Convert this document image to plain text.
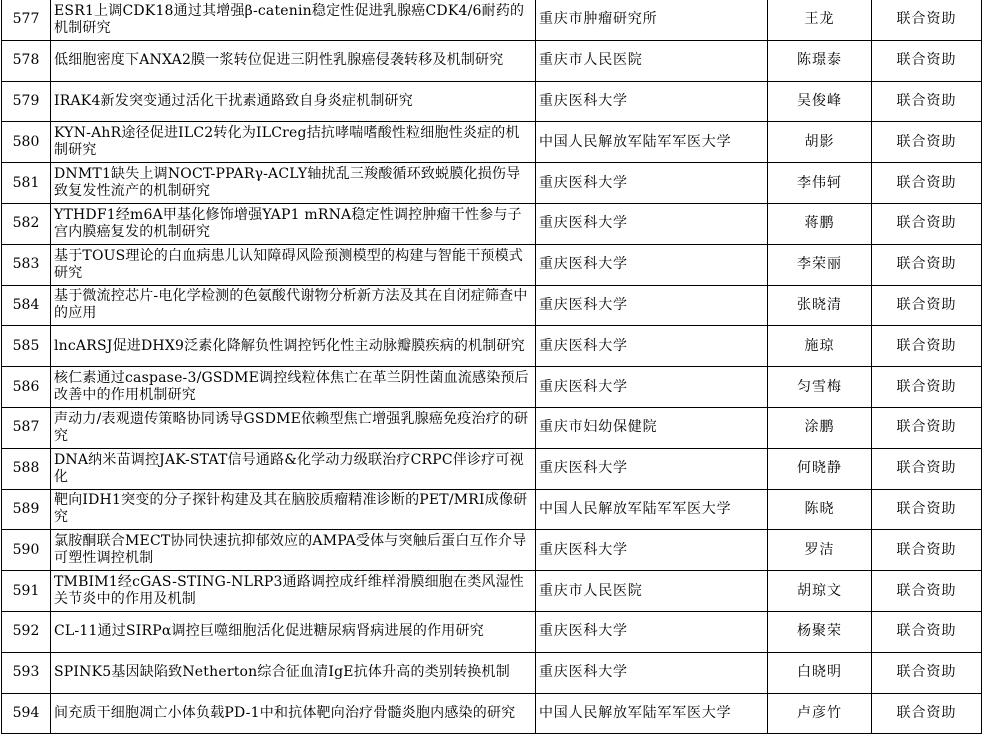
577	ESR1上调CDK18通过其增强β-catenin稳定性促进乳腺癌CDK4/6耐药的机制研究	重庆市肿瘤研究所	王龙	联合资助
578	低细胞密度下ANXA2膜一浆转位促进三阴性乳腺癌侵袭转移及机制研究	重庆市人民医院	陈璟泰	联合资助
579	IRAK4新发突变通过活化干扰素通路致自身炎症机制研究	重庆医科大学	吴俊峰	联合资助
580	KYN-AhR途径促进ILC2转化为ILCreg拮抗哮喘嗜酸性粒细胞性炎症的机制研究	中国人民解放军陆军军医大学	胡影	联合资助
581	DNMT1缺失上调NOCT-PPARγ-ACLY轴扰乱三羧酸循环致蜕膜化损伤导致复发性流产的机制研究	重庆医科大学	李伟轲	联合资助
582	YTHDF1经m6A甲基化修饰增强YAP1 mRNA稳定性调控肿瘤干性参与子宫内膜癌复发的机制研究	重庆医科大学	蒋鹏	联合资助
583	基于TOUS理论的白血病患儿认知障碍风险预测模型的构建与智能干预模式研究	重庆医科大学	李荣丽	联合资助
584	基于微流控芯片-电化学检测的色氨酸代谢物分析新方法及其在自闭症筛查中的应用	重庆医科大学	张晓清	联合资助
585	lncARSJ促进DHX9泛素化降解负性调控钙化性主动脉瓣膜疾病的机制研究	重庆医科大学	施琼	联合资助
586	核仁素通过caspase-3/GSDME调控线粒体焦亡在革兰阴性菌血流感染预后改善中的作用机制研究	重庆医科大学	匀雪梅	联合资助
587	声动力/表观遗传策略协同诱导GSDME依赖型焦亡增强乳腺癌免疫治疗的研究	重庆市妇幼保健院	涂鹏	联合资助
588	DNA纳米苗调控JAK-STAT信号通路&化学动力级联治疗CRPC伴诊疗可视化	重庆医科大学	何晓静	联合资助
589	靶向IDH1突变的分子探针构建及其在脑胶质瘤精准诊断的PET/MRI成像研究	中国人民解放军陆军军医大学	陈晓	联合资助
590	氯胺酮联合MECT协同快速抗抑郁效应的AMPA受体与突触后蛋白互作介导可塑性调控机制	重庆医科大学	罗洁	联合资助
591	TMBIM1经cGAS-STING-NLRP3通路调控成纤维样滑膜细胞在类风湿性关节炎中的作用及机制	重庆市人民医院	胡琼文	联合资助
592	CL-11通过SIRPα调控巨噬细胞活化促进糖尿病肾病进展的作用研究	重庆医科大学	杨聚荣	联合资助
593	SPINK5基因缺陷致Netherton综合征血清IgE抗体升高的类别转换机制	重庆医科大学	白晓明	联合资助
594	间充质干细胞凋亡小体负载PD-1中和抗体靶向治疗骨髓炎胞内感染的研究	中国人民解放军陆军军医大学	卢彦竹	联合资助
